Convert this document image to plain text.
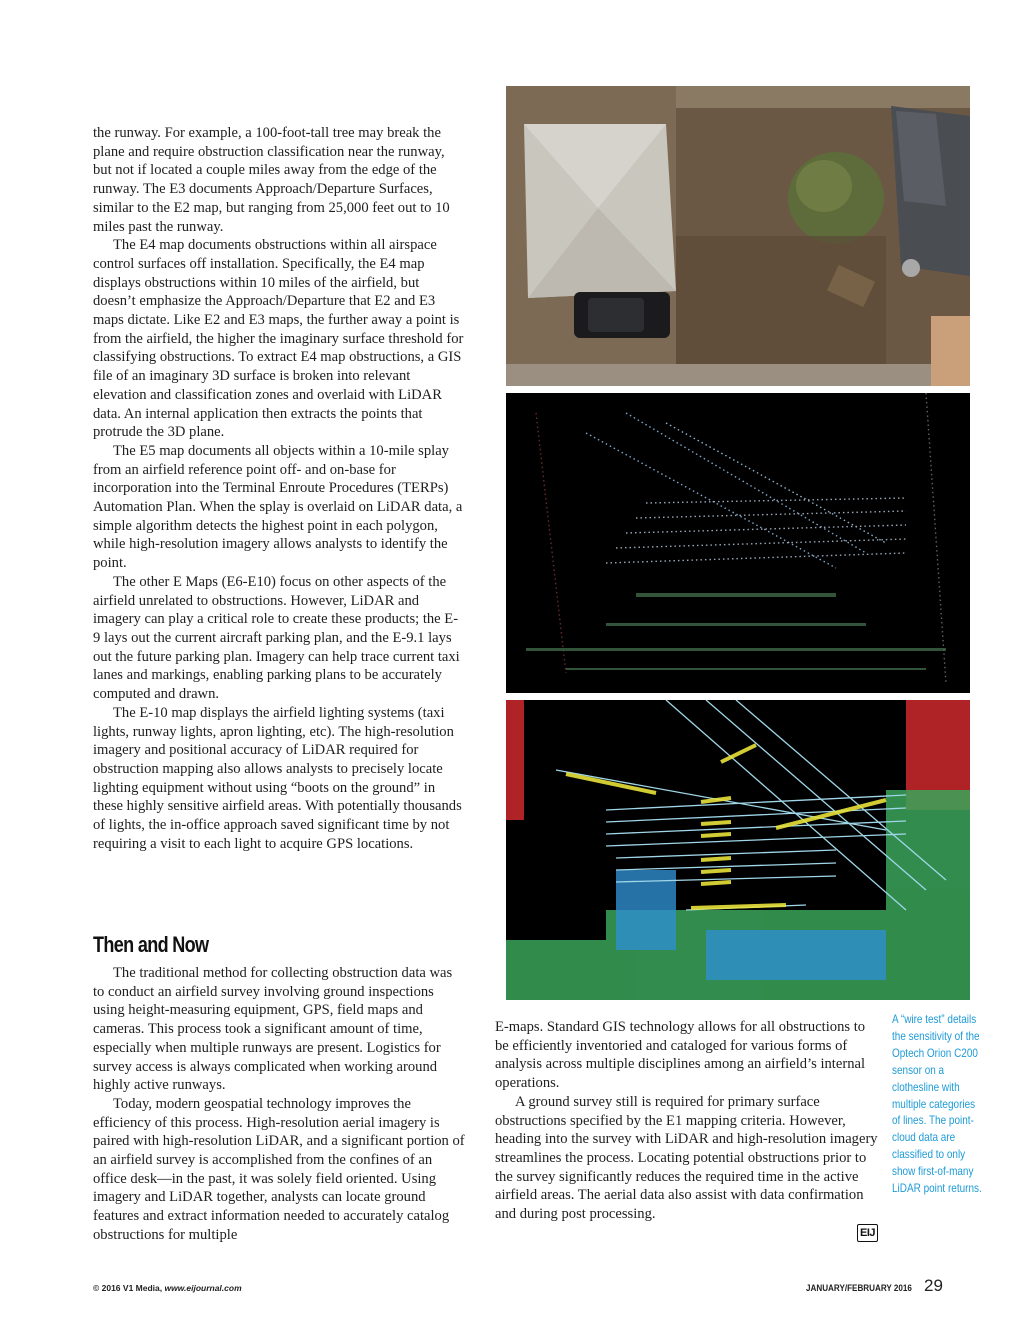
the runway. For example, a 100-foot-tall tree may break the plane and require obstruction classification near the runway, but not if located a couple miles away from the edge of the runway. The E3 documents Approach/Departure Surfaces, similar to the E2 map, but ranging from 25,000 feet out to 10 miles past the runway.

The E4 map documents obstructions within all airspace control surfaces off installation. Specifically, the E4 map displays obstructions within 10 miles of the airfield, but doesn’t emphasize the Approach/Departure that E2 and E3 maps dictate. Like E2 and E3 maps, the further away a point is from the airfield, the higher the imaginary surface threshold for classifying obstructions. To extract E4 map obstructions, a GIS file of an imaginary 3D surface is broken into relevant elevation and classification zones and overlaid with LiDAR data. An internal application then extracts the points that protrude the 3D plane.

The E5 map documents all objects within a 10-mile splay from an airfield reference point off- and on-base for incorporation into the Terminal Enroute Procedures (TERPs) Automation Plan. When the splay is overlaid on LiDAR data, a simple algorithm detects the highest point in each polygon, while high-resolution imagery allows analysts to identify the point.

The other E Maps (E6-E10) focus on other aspects of the airfield unrelated to obstructions. However, LiDAR and imagery can play a critical role to create these products; the E-9 lays out the current aircraft parking plan, and the E-9.1 lays out the future parking plan. Imagery can help trace current taxi lanes and markings, enabling parking plans to be accurately computed and drawn.

The E-10 map displays the airfield lighting systems (taxi lights, runway lights, apron lighting, etc). The high-resolution imagery and positional accuracy of LiDAR required for obstruction mapping also allows analysts to precisely locate lighting equipment without using “boots on the ground” in these highly sensitive airfield areas. With potentially thousands of lights, the in-office approach saved significant time by not requiring a visit to each light to acquire GPS locations.

Then and Now

The traditional method for collecting obstruction data was to conduct an airfield survey involving ground inspections using height-measuring equipment, GPS, field maps and cameras. This process took a significant amount of time, especially when multiple runways are present. Logistics for survey access is always complicated when working around highly active runways.

Today, modern geospatial technology improves the efficiency of this process. High-resolution aerial imagery is paired with high-resolution LiDAR, and a significant portion of an airfield survey is accomplished from the confines of an office desk—in the past, it was solely field oriented. Using imagery and LiDAR together, analysts can locate ground features and extract information needed to accurately catalog obstructions for multiple

E-maps. Standard GIS technology allows for all obstructions to be efficiently inventoried and cataloged for various forms of analysis across multiple disciplines among an airfield’s internal operations.

A ground survey still is required for primary surface obstructions specified by the E1 mapping criteria. However, heading into the survey with LiDAR and high-resolution imagery streamlines the process. Locating potential obstructions prior to the survey significantly reduces the required time in the active airfield areas. The aerial data also assist with data confirmation and during post processing.

EIJ
A “wire test” details the sensitivity of the Optech Orion C200 sensor on a clothesline with multiple categories of lines. The point-cloud data are classified to only show first-of-many LiDAR point returns.
© 2016 V1 Media, www.eijournal.com	JANUARY/FEBRUARY 2016 29
